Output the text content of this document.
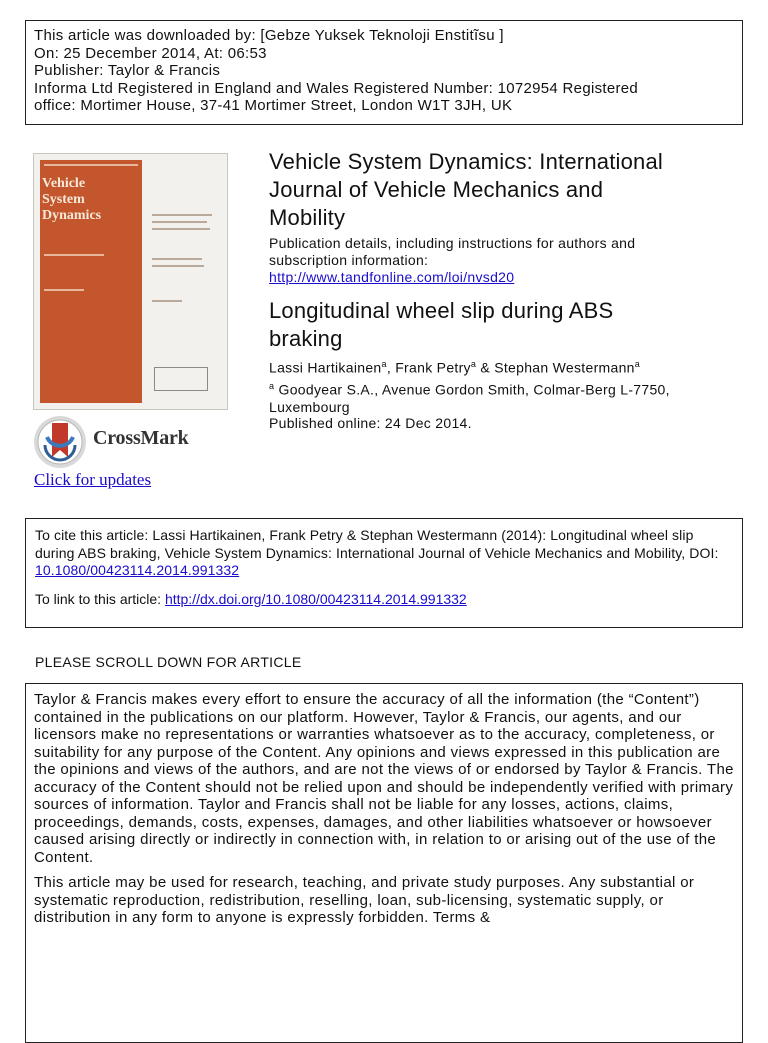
This article was downloaded by: [Gebze Yuksek Teknoloji Enstitĩsu ]
On: 25 December 2014, At: 06:53
Publisher: Taylor & Francis
Informa Ltd Registered in England and Wales Registered Number: 1072954 Registered
office: Mortimer House, 37-41 Mortimer Street, London W1T 3JH, UK
Vehicle
System
Dynamics
CrossMark
Click for updates
Vehicle System Dynamics: International
Journal of Vehicle Mechanics and
Mobility
Publication details, including instructions for authors and
subscription information:
http://www.tandfonline.com/loi/nvsd20
Longitudinal wheel slip during ABS
braking
Lassi Hartikainen$^a$, Frank Petry$^a$ & Stephan Westermann$^a$
$^a$ Goodyear S.A., Avenue Gordon Smith, Colmar-Berg L-7750,
Luxembourg
Published online: 24 Dec 2014.
To cite this article: Lassi Hartikainen, Frank Petry & Stephan Westermann (2014): Longitudinal wheel slip during ABS braking, Vehicle System Dynamics: International Journal of Vehicle Mechanics and Mobility, DOI: 10.1080/00423114.2014.991332
To link to this article: http://dx.doi.org/10.1080/00423114.2014.991332
PLEASE SCROLL DOWN FOR ARTICLE

Taylor & Francis makes every effort to ensure the accuracy of all the information (the “Content”) contained in the publications on our platform. However, Taylor & Francis, our agents, and our licensors make no representations or warranties whatsoever as to the accuracy, completeness, or suitability for any purpose of the Content. Any opinions and views expressed in this publication are the opinions and views of the authors, and are not the views of or endorsed by Taylor & Francis. The accuracy of the Content should not be relied upon and should be independently verified with primary sources of information. Taylor and Francis shall not be liable for any losses, actions, claims, proceedings, demands, costs, expenses, damages, and other liabilities whatsoever or howsoever caused arising directly or indirectly in connection with, in relation to or arising out of the use of the Content.

This article may be used for research, teaching, and private study purposes. Any substantial or systematic reproduction, redistribution, reselling, loan, sub-licensing, systematic supply, or distribution in any form to anyone is expressly forbidden. Terms &
